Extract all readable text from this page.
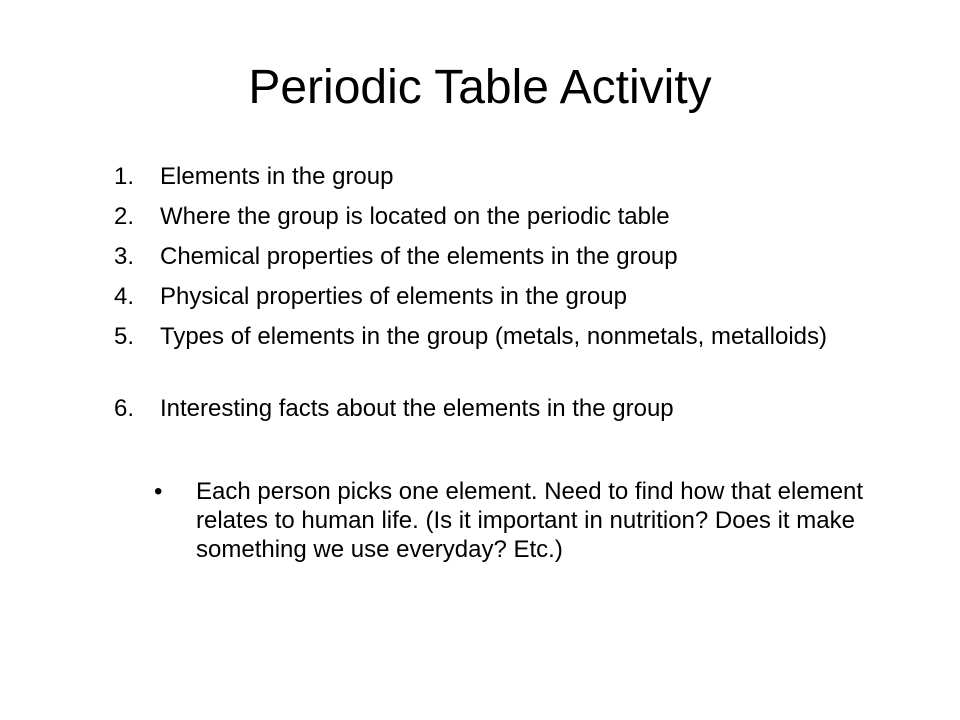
Periodic Table Activity
1. Elements in the group
2. Where the group is located on the periodic table
3. Chemical properties of the elements in the group
4. Physical properties of elements in the group
5. Types of elements in the group (metals, nonmetals, metalloids)
6. Interesting facts about the elements in the group
• Each person picks one element. Need to find how that element relates to human life. (Is it important in nutrition? Does it make something we use everyday? Etc.)
